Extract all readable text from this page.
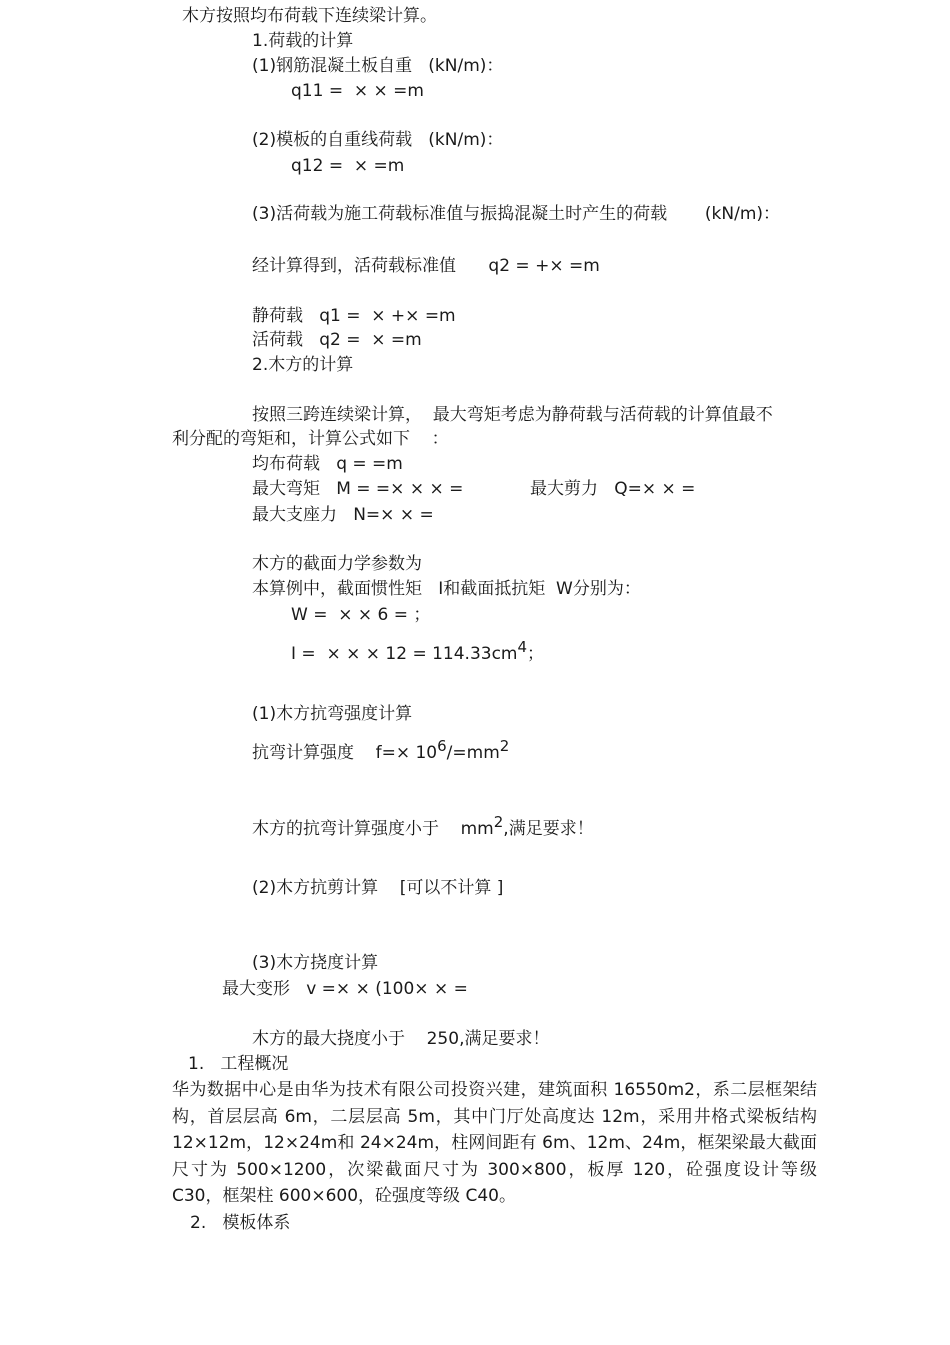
木方按照均布荷载下连续梁计算。
1.荷载的计算
(1)钢筋混凝土板自重   (kN/m)：
q11 =  × × =m
(2)模板的自重线荷载   (kN/m)：
q12 =  × =m
(3)活荷载为施工荷载标准值与振捣混凝土时产生的荷载       (kN/m)：
经计算得到，活荷载标准值      q2 = +× =m
静荷载   q1 =  × +× =m
活荷载   q2 =  × =m
2.木方的计算
按照三跨连续梁计算，  最大弯矩考虑为静荷载与活荷载的计算值最不
利分配的弯矩和，计算公式如下    ：
均布荷载   q = =m
最大弯矩   M = =× × × =	最大剪力   Q=× × =
最大支座力   N=× × =
木方的截面力学参数为
本算例中，截面惯性矩   I和截面抵抗矩  W分别为：
W =  × × 6 = ；
I =  × × × 12 = 114.33cm4；
(1)木方抗弯强度计算
抗弯计算强度    f=× 106/=mm2
木方的抗弯计算强度小于    mm2,满足要求！
(2)木方抗剪计算    [可以不计算 ]
(3)木方挠度计算
最大变形   v =× × (100× × =
木方的最大挠度小于    250,满足要求！
1.   工程概况
华为数据中心是由华为技术有限公司投资兴建，建筑面积 16550m2，系二层框架结构，首层层高 6m，二层层高 5m，其中门厅处高度达 12m，采用井格式梁板结构 12×12m，12×24m和 24×24m，柱网间距有 6m、12m、24m，框架梁最大截面尺寸为 500×1200，次梁截面尺寸为 300×800，板厚 120，砼强度设计等级 C30，框架柱 600×600，砼强度等级 C40。
2.   模板体系
